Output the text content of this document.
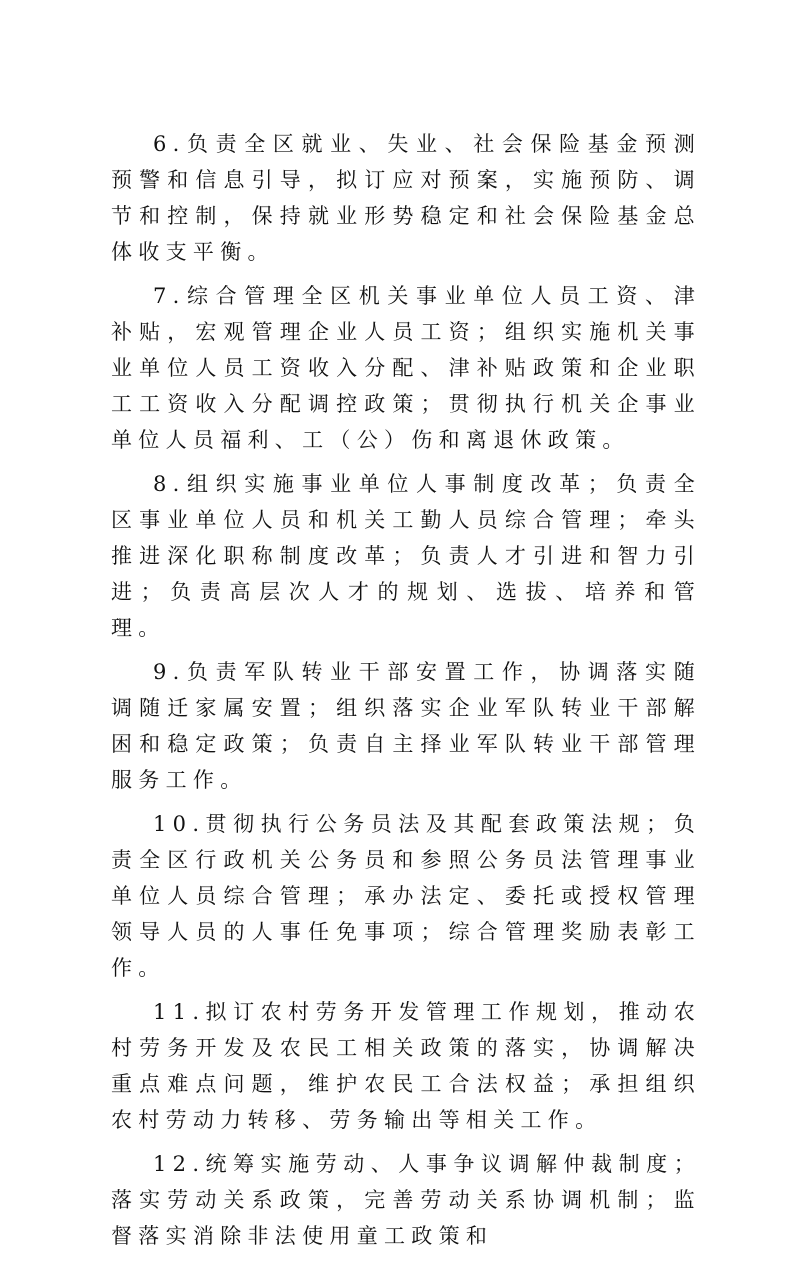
6.负责全区就业、失业、社会保险基金预测预警和信息引导，拟订应对预案，实施预防、调节和控制，保持就业形势稳定和社会保险基金总体收支平衡。

7.综合管理全区机关事业单位人员工资、津补贴，宏观管理企业人员工资；组织实施机关事业单位人员工资收入分配、津补贴政策和企业职工工资收入分配调控政策；贯彻执行机关企事业单位人员福利、工（公）伤和离退休政策。

8.组织实施事业单位人事制度改革；负责全区事业单位人员和机关工勤人员综合管理；牵头推进深化职称制度改革；负责人才引进和智力引进；负责高层次人才的规划、选拔、培养和管理。

9.负责军队转业干部安置工作，协调落实随调随迁家属安置；组织落实企业军队转业干部解困和稳定政策；负责自主择业军队转业干部管理服务工作。

10.贯彻执行公务员法及其配套政策法规；负责全区行政机关公务员和参照公务员法管理事业单位人员综合管理；承办法定、委托或授权管理领导人员的人事任免事项；综合管理奖励表彰工作。

11.拟订农村劳务开发管理工作规划，推动农村劳务开发及农民工相关政策的落实，协调解决重点难点问题，维护农民工合法权益；承担组织农村劳动力转移、劳务输出等相关工作。

12.统筹实施劳动、人事争议调解仲裁制度；落实劳动关系政策，完善劳动关系协调机制；监督落实消除非法使用童工政策和
